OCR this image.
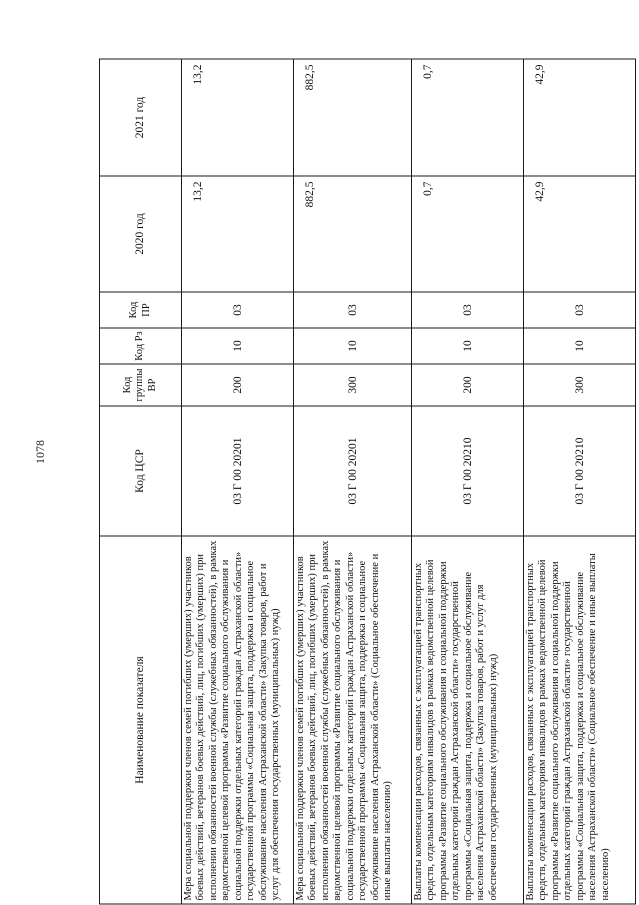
1078
Наименование показателя	Код ЦСР	Код группы ВР	Код Рз	Код ПР	2020 год	2021 год
Мера социальной поддержки членов семей погибших (умерших) участников боевых действий, ветеранов боевых действий, лиц, погибших (умерших) при исполнении обязанностей военной службы (служебных обязанностей), в рамках ведомственной целевой программы «Развитие социального обслуживания и социальной поддержки отдельных категорий граждан Астраханской области» государственной программы «Социальная защита, поддержка и социальное обслуживание населения Астраханской области» (Закупка товаров, работ и услуг для обеспечения государственных (муниципальных) нужд)	03 Г 00 20201	200	10	03	13,2	13,2
Мера социальной поддержки членов семей погибших (умерших) участников боевых действий, ветеранов боевых действий, лиц, погибших (умерших) при исполнении обязанностей военной службы (служебных обязанностей), в рамках ведомственной целевой программы «Развитие социального обслуживания и социальной поддержки отдельных категорий граждан Астраханской области» государственной программы «Социальная защита, поддержка и социальное обслуживание населения Астраханской области» (Социальное обеспечение и иные выплаты населению)	03 Г 00 20201	300	10	03	882,5	882,5
Выплаты компенсации расходов, связанных с эксплуатацией транспортных средств, отдельным категориям инвалидов в рамках ведомственной целевой программы «Развитие социального обслуживания и социальной поддержки отдельных категорий граждан Астраханской области» государственной программы «Социальная защита, поддержка и социальное обслуживание населения Астраханской области» (Закупка товаров, работ и услуг для обеспечения государственных (муниципальных) нужд)	03 Г 00 20210	200	10	03	0,7	0,7
Выплаты компенсации расходов, связанных с эксплуатацией транспортных средств, отдельным категориям инвалидов в рамках ведомственной целевой программы «Развитие социального обслуживания и социальной поддержки отдельных категорий граждан Астраханской области» государственной программы «Социальная защита, поддержка и социальное обслуживание населения Астраханской области» (Социальное обеспечение и иные выплаты населению)	03 Г 00 20210	300	10	03	42,9	42,9
